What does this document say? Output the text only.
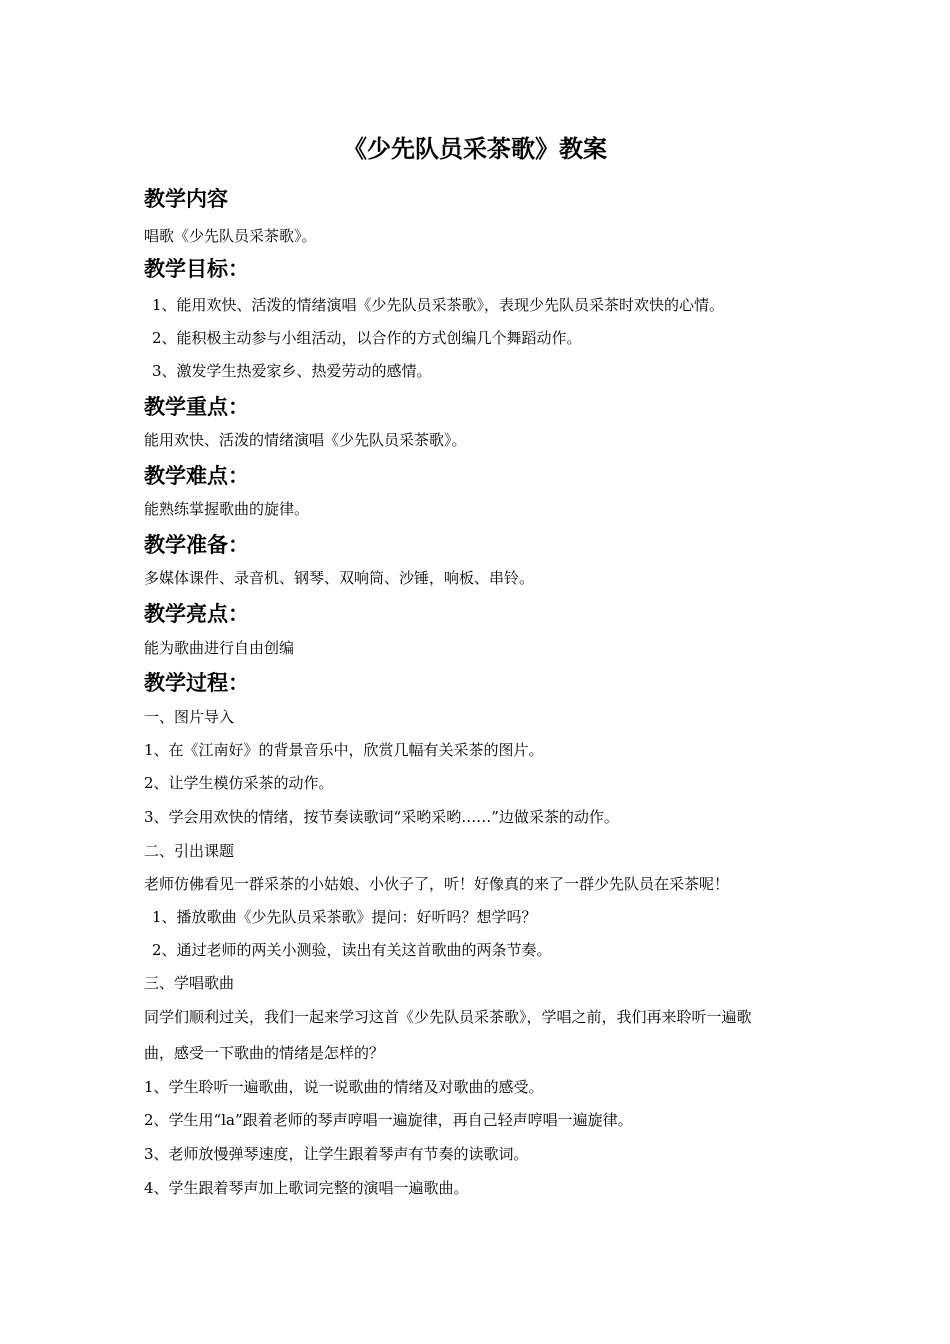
《少先队员采茶歌》教案
教学内容
唱歌《少先队员采茶歌》。
教学目标：
1、能用欢快、活泼的情绪演唱《少先队员采茶歌》，表现少先队员采茶时欢快的心情。
2、能积极主动参与小组活动，以合作的方式创编几个舞蹈动作。
3、激发学生热爱家乡、热爱劳动的感情。
教学重点：
能用欢快、活泼的情绪演唱《少先队员采茶歌》。
教学难点：
能熟练掌握歌曲的旋律。
教学准备：
多媒体课件、录音机、钢琴、双响筒、沙锤，响板、串铃。
教学亮点：
能为歌曲进行自由创编
教学过程：
一、图片导入
1、在《江南好》的背景音乐中，欣赏几幅有关采茶的图片。
2、让学生模仿采茶的动作。
3、学会用欢快的情绪，按节奏读歌词“采哟采哟……”边做采茶的动作。
二、引出课题
老师仿佛看见一群采茶的小姑娘、小伙子了，听！好像真的来了一群少先队员在采茶呢！
1、播放歌曲《少先队员采茶歌》提问：好听吗？想学吗？
2、通过老师的两关小测验，读出有关这首歌曲的两条节奏。
三、学唱歌曲
同学们顺利过关，我们一起来学习这首《少先队员采茶歌》，学唱之前，我们再来聆听一遍歌
曲，感受一下歌曲的情绪是怎样的？
1、学生聆听一遍歌曲，说一说歌曲的情绪及对歌曲的感受。
2、学生用“la”跟着老师的琴声哼唱一遍旋律，再自己轻声哼唱一遍旋律。
3、老师放慢弹琴速度，让学生跟着琴声有节奏的读歌词。
4、学生跟着琴声加上歌词完整的演唱一遍歌曲。
